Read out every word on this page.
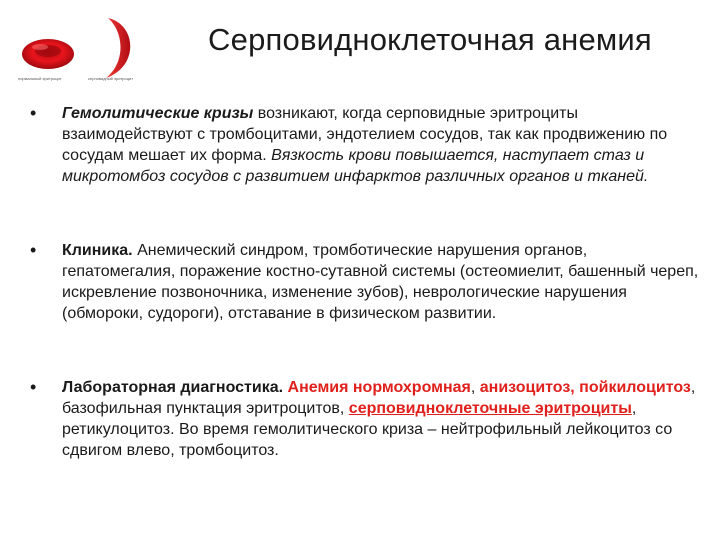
нормальный эритроцит	серповидный эритроцит
Серповидноклеточная анемия
• Гемолитические кризы возникают, когда серповидные эритроциты взаимодействуют с тромбоцитами, эндотелием сосудов, так как продвижению по сосудам мешает их форма. Вязкость крови повышается, наступает стаз и микротомбоз сосудов с развитием инфарктов различных органов и тканей.
• Клиника. Анемический синдром, тромботические нарушения органов, гепатомегалия, поражение костно-сутавной системы (остеомиелит, башенный череп, искревление позвоночника, изменение зубов), неврологические нарушения (обмороки, судороги), отставание в физическом развитии.
• Лабораторная диагностика. Анемия нормохромная, анизоцитоз, пойкилоцитоз, базофильная пунктация эритроцитов, серповидноклеточные эритроциты, ретикулоцитоз. Во время гемолитического криза – нейтрофильный лейкоцитоз со сдвигом влево, тромбоцитоз.
